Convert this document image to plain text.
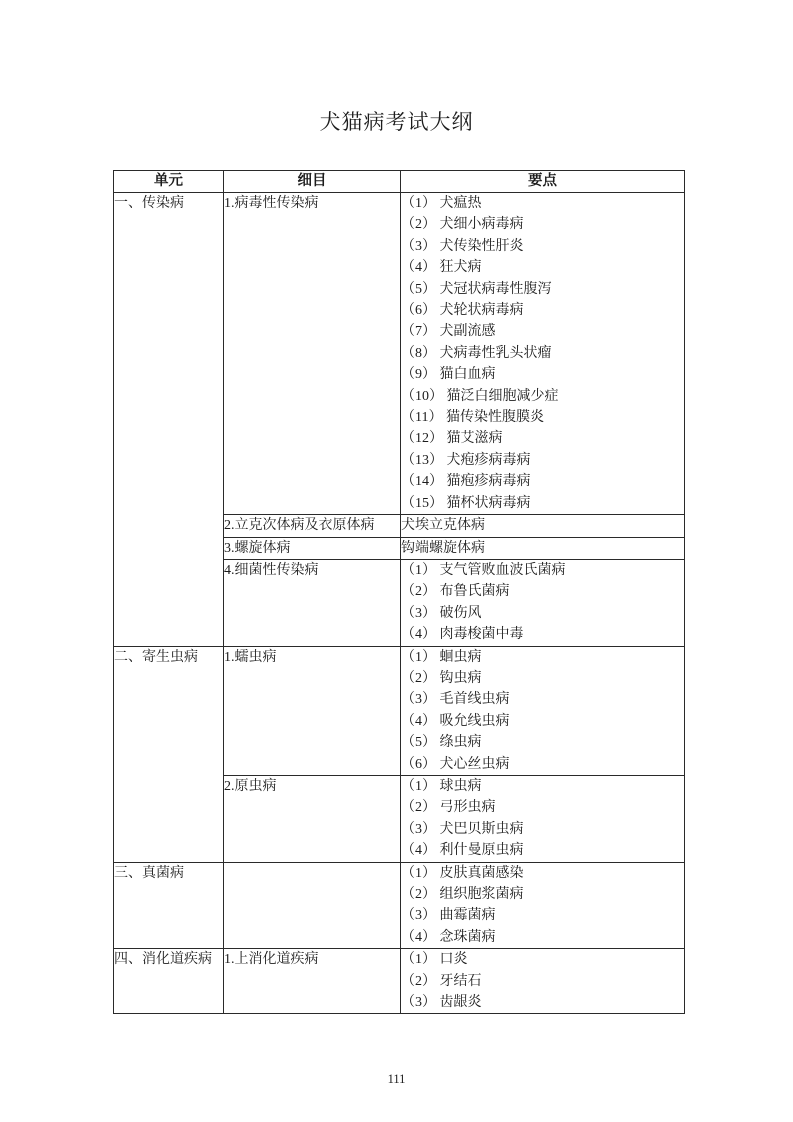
犬猫病考试大纲
单元	细目	要点
一、传染病	1.病毒性传染病	（1） 犬瘟热
（2） 犬细小病毒病
（3） 犬传染性肝炎
（4） 狂犬病
（5） 犬冠状病毒性腹泻
（6） 犬轮状病毒病
（7） 犬副流感
（8） 犬病毒性乳头状瘤
（9） 猫白血病
（10） 猫泛白细胞减少症
（11） 猫传染性腹膜炎
（12） 猫艾滋病
（13） 犬疱疹病毒病
（14） 猫疱疹病毒病
（15） 猫杯状病毒病

	2.立克次体病及衣原体病	犬埃立克体病

	3.螺旋体病	钩端螺旋体病

	4.细菌性传染病	（1） 支气管败血波氏菌病
（2） 布鲁氏菌病
（3） 破伤风
（4） 肉毒梭菌中毒

二、寄生虫病	1.蠕虫病	（1） 蛔虫病
（2） 钩虫病
（3） 毛首线虫病
（4） 吸允线虫病
（5） 绦虫病
（6） 犬心丝虫病

	2.原虫病	（1） 球虫病
（2） 弓形虫病
（3） 犬巴贝斯虫病
（4） 利什曼原虫病

三、真菌病		（1） 皮肤真菌感染
（2） 组织胞浆菌病
（3） 曲霉菌病
（4） 念珠菌病

四、消化道疾病	1.上消化道疾病	（1） 口炎
（2） 牙结石
（3） 齿龈炎
111
